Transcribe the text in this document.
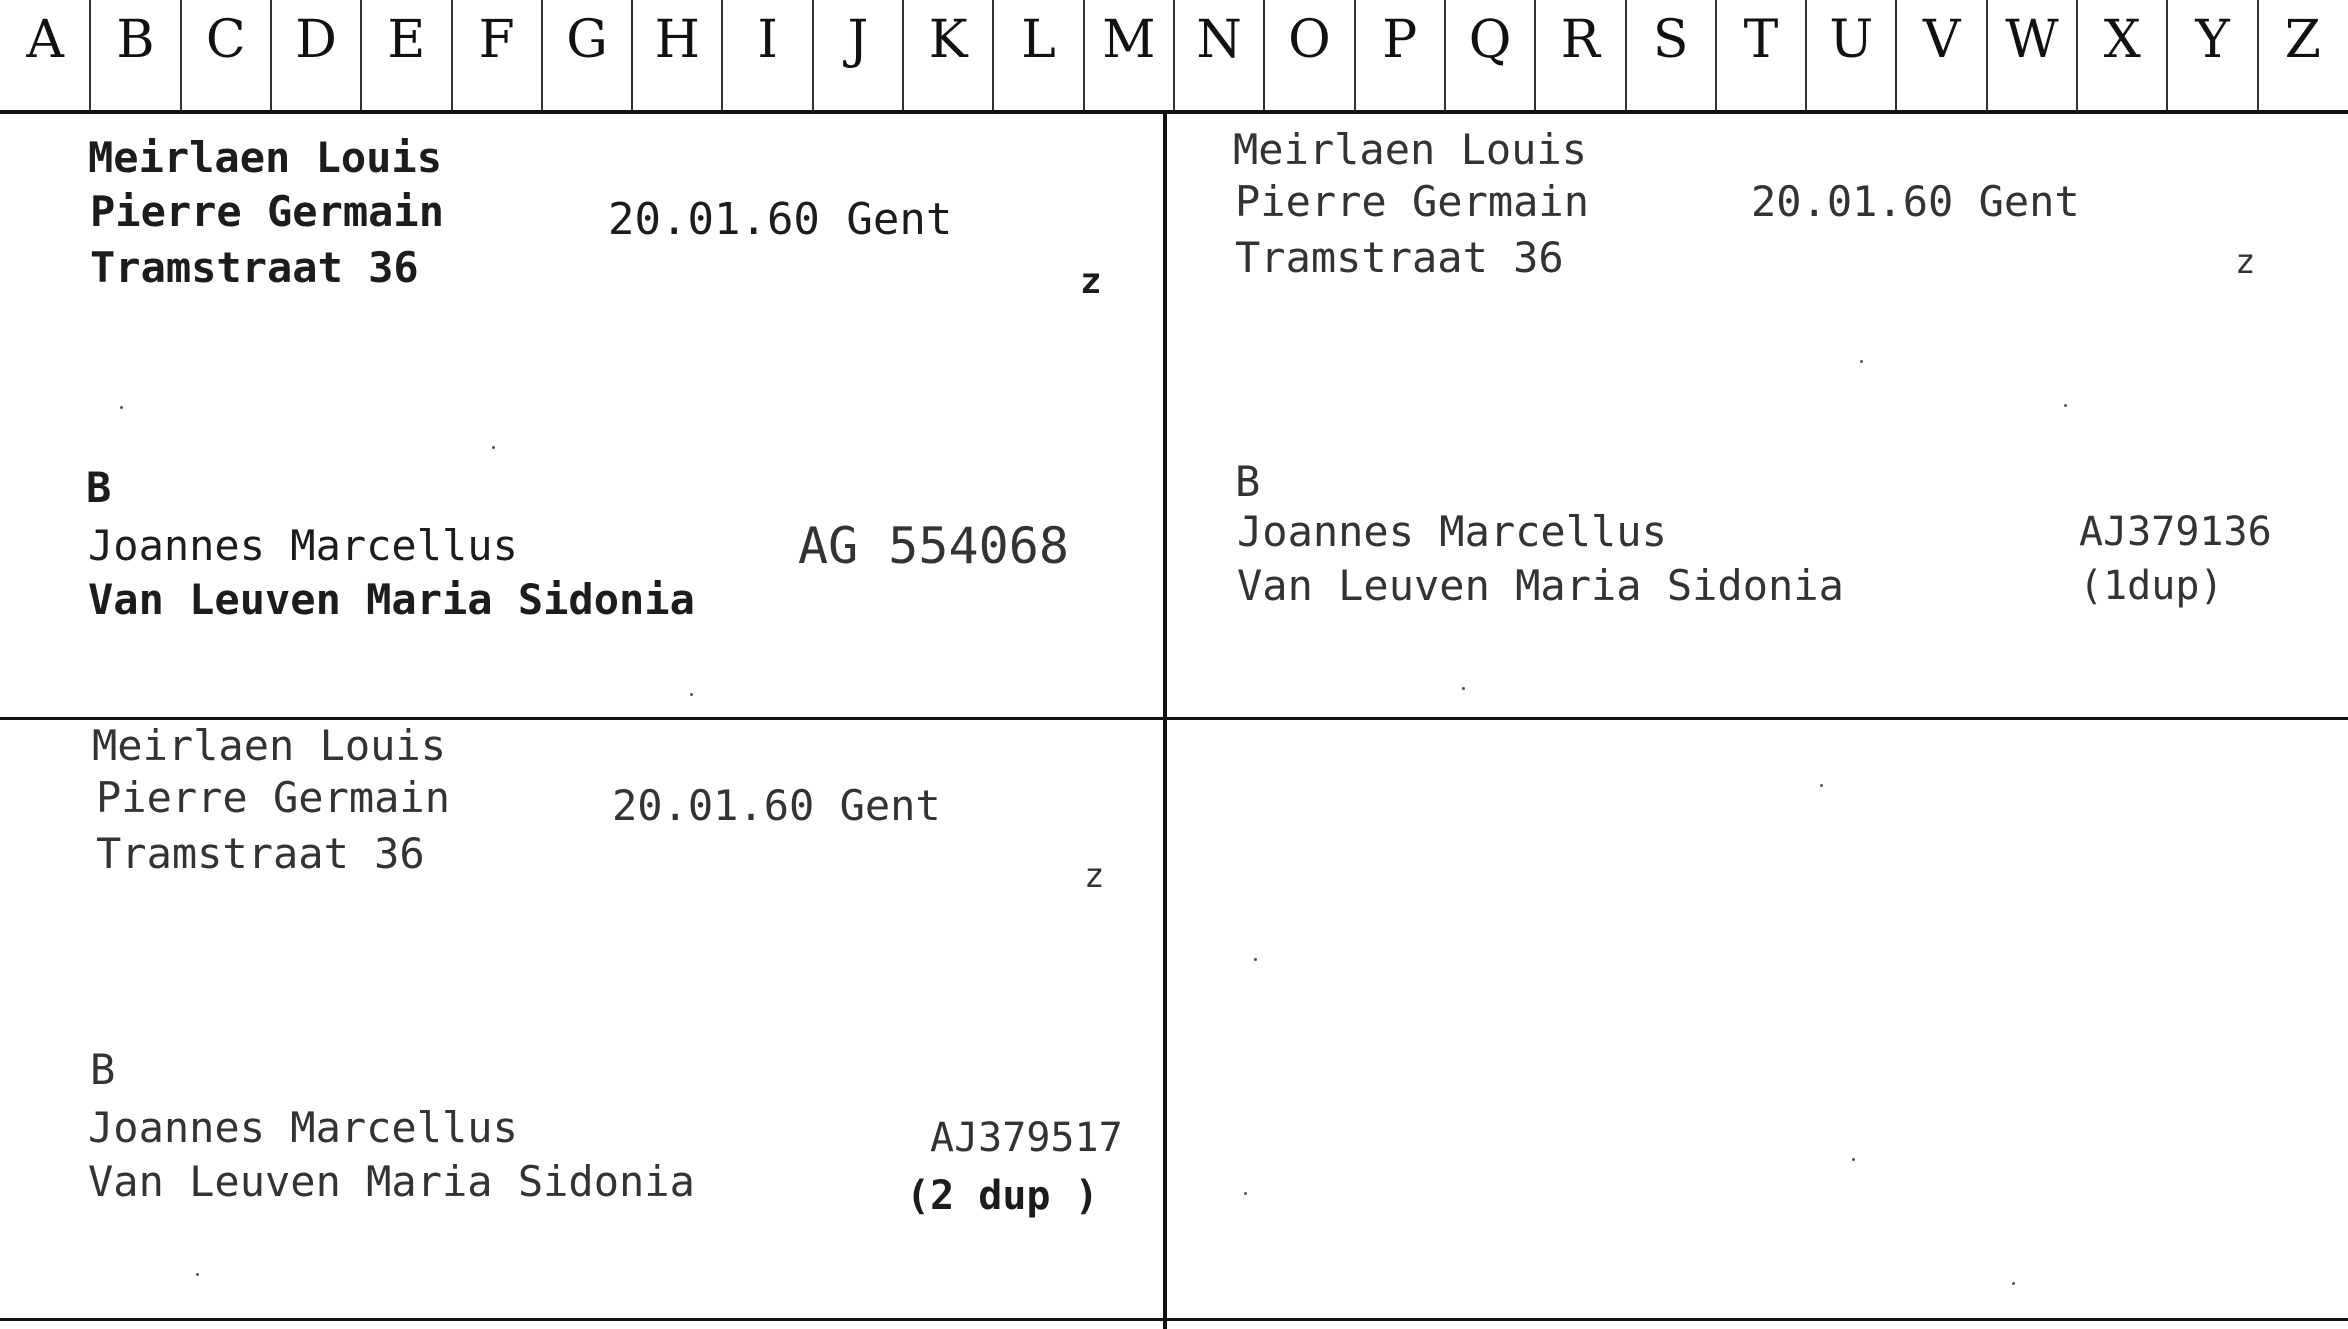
A	B C D E	F G H	I	J	K	L M N O P Q R	S	T U V W X	Y	Z
Meirlaen Louis
Pierre Germain	20.01.60 Gent
Tramstraat 36	z
B
Joannes Marcellus	AG 554068
Van Leuven Maria Sidonia
Meirlaen Louis
Pierre Germain	20.01.60 Gent
Tramstraat 36	z
B
Joannes Marcellus	AJ379136
Van Leuven Maria Sidonia	(1dup)
Meirlaen Louis
Pierre Germain	20.01.60 Gent
Tramstraat 36	z
B
Joannes Marcellus	AJ379517
Van Leuven Maria Sidonia	(2 dup )
